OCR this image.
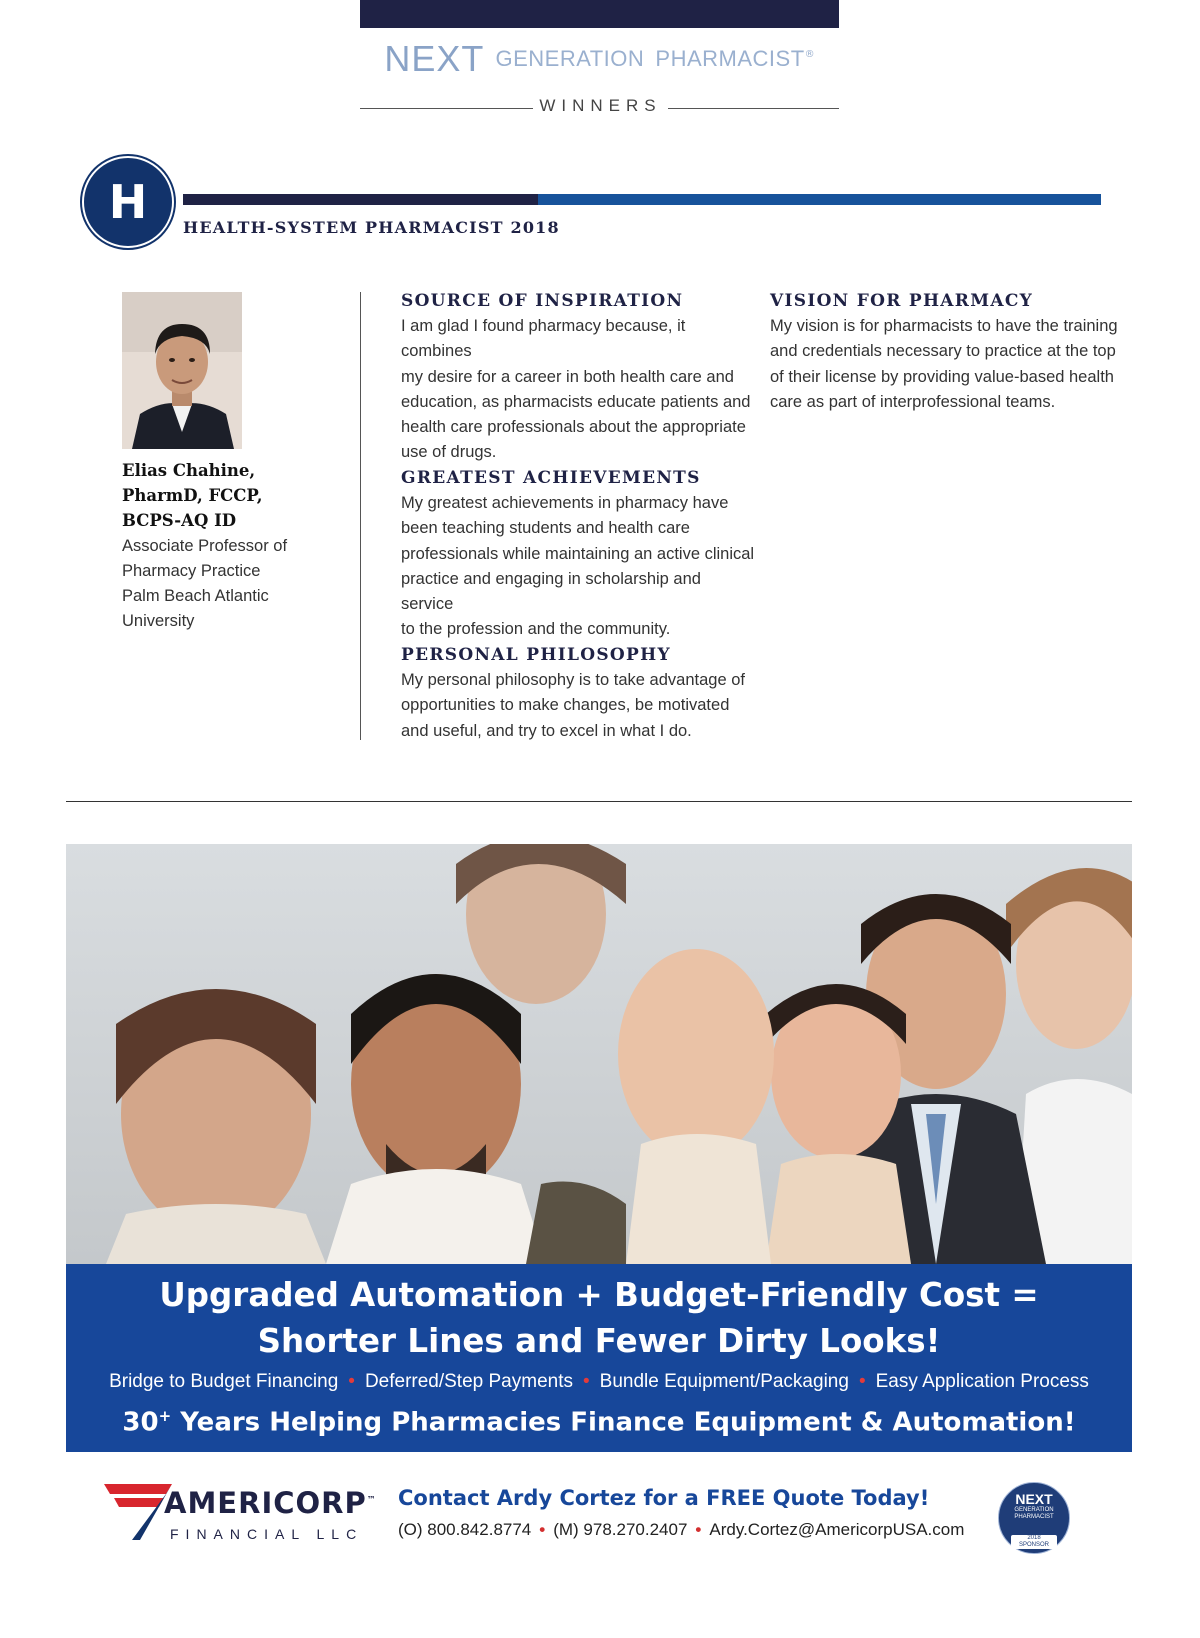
NEXT GENERATION PHARMACIST®
WINNERS
H	HEALTH-SYSTEM PHARMACIST 2018
Elias Chahine,
PharmD, FCCP,
BCPS-AQ ID
Associate Professor of
Pharmacy Practice
Palm Beach Atlantic
University
SOURCE OF INSPIRATION

I am glad I found pharmacy because, it combines
my desire for a career in both health care and
education, as pharmacists educate patients and
health care professionals about the appropriate
use of drugs.

GREATEST ACHIEVEMENTS

My greatest achievements in pharmacy have
been teaching students and health care
professionals while maintaining an active clinical
practice and engaging in scholarship and service
to the profession and the community.

PERSONAL PHILOSOPHY

My personal philosophy is to take advantage of
opportunities to make changes, be motivated
and useful, and try to excel in what I do.

VISION FOR PHARMACY

My vision is for pharmacists to have the training
and credentials necessary to practice at the top
of their license by providing value-based health
care as part of interprofessional teams.

Upgraded Automation + Budget-Friendly Cost =
Shorter Lines and Fewer Dirty Looks!
Bridge to Budget Financing • Deferred/Step Payments • Bundle Equipment/Packaging • Easy Application Process
30+ Years Helping Pharmacies Finance Equipment & Automation!
AMERICORP™
FINANCIAL LLC
Contact Ardy Cortez for a FREE Quote Today!
(O) 800.842.8774 • (M) 978.270.2407 • Ardy.Cortez@AmericorpUSA.com
NEXT
GENERATION
PHARMACIST
2018
SPONSOR
